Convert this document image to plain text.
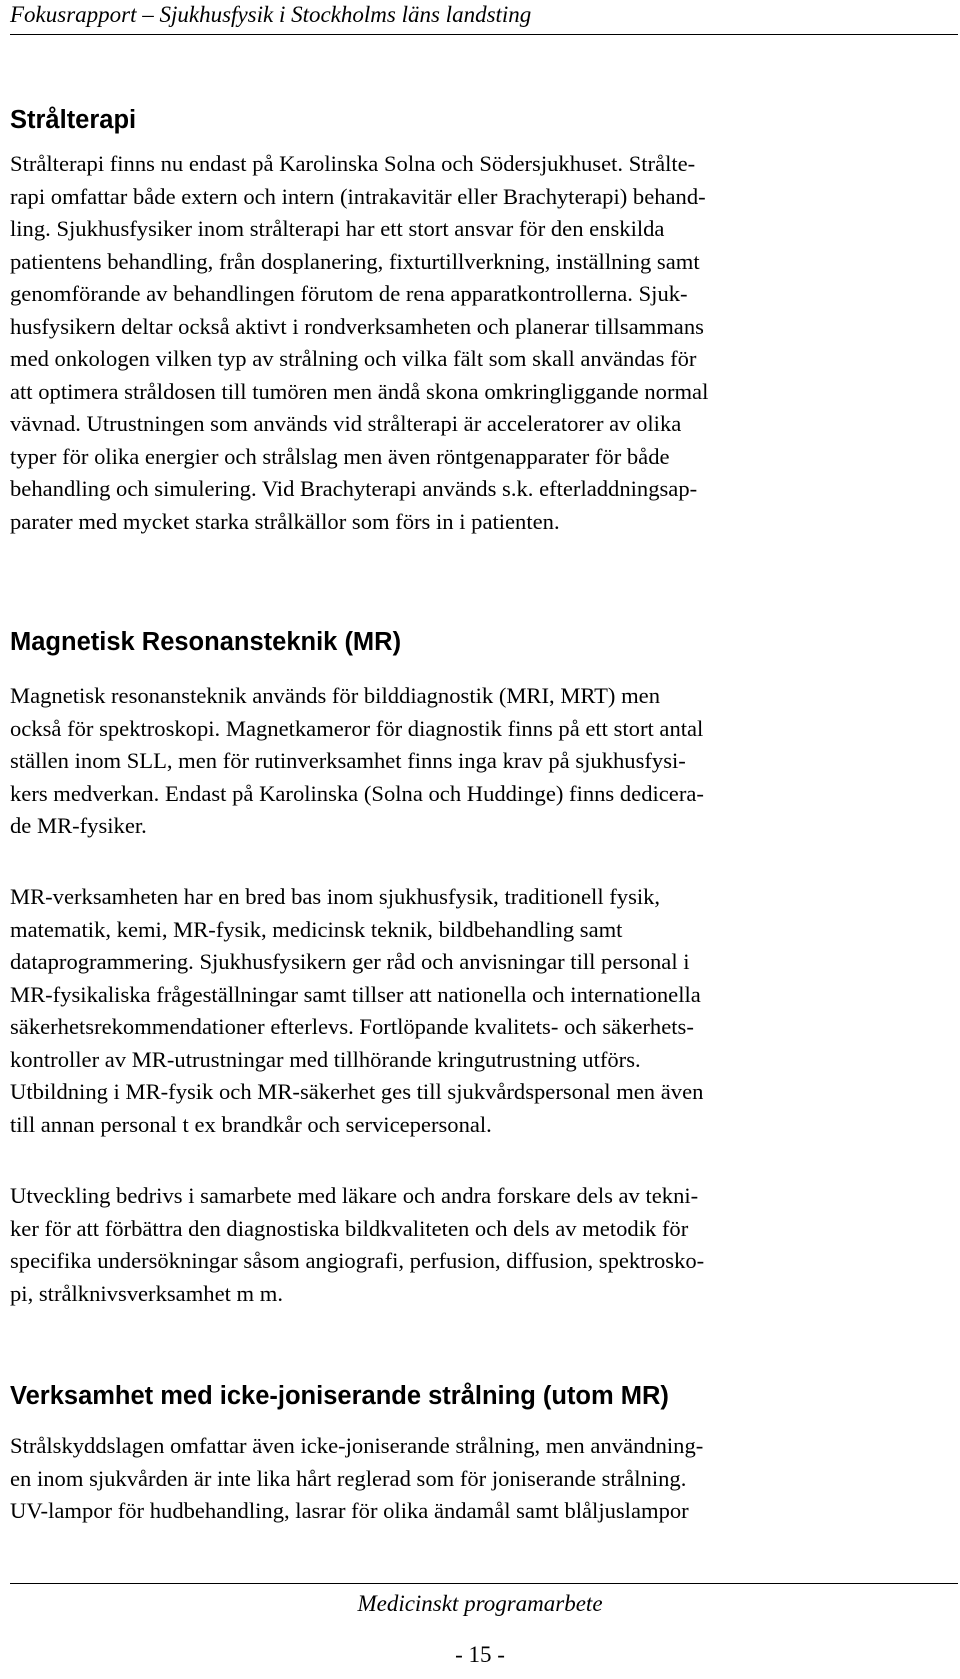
Fokusrapport – Sjukhusfysik i Stockholms läns landsting
Strålterapi
Strålterapi finns nu endast på Karolinska Solna och Södersjukhuset. Strålte-
rapi omfattar både extern och intern (intrakavitär eller Brachyterapi) behand-
ling. Sjukhusfysiker inom strålterapi har ett stort ansvar för den enskilda
patientens behandling, från dosplanering, fixturtillverkning, inställning samt
genomförande av behandlingen förutom de rena apparatkontrollerna. Sjuk-
husfysikern deltar också aktivt i rondverksamheten och planerar tillsammans
med onkologen vilken typ av strålning och vilka fält som skall användas för
att optimera stråldosen till tumören men ändå skona omkringliggande normal
vävnad. Utrustningen som används vid strålterapi är acceleratorer av olika
typer för olika energier och strålslag men även röntgenapparater för både
behandling och simulering. Vid Brachyterapi används s.k. efterladdningsap-
parater med mycket starka strålkällor som förs in i patienten.
Magnetisk Resonansteknik (MR)
Magnetisk resonansteknik används för bilddiagnostik (MRI, MRT) men
också för spektroskopi. Magnetkameror för diagnostik finns på ett stort antal
ställen inom SLL, men för rutinverksamhet finns inga krav på sjukhusfysi-
kers medverkan. Endast på Karolinska (Solna och Huddinge) finns dedicera-
de MR-fysiker.
MR-verksamheten har en bred bas inom sjukhusfysik, traditionell fysik,
matematik, kemi, MR-fysik, medicinsk teknik, bildbehandling samt
dataprogrammering. Sjukhusfysikern ger råd och anvisningar till personal i
MR-fysikaliska frågeställningar samt tillser att nationella och internationella
säkerhetsrekommendationer efterlevs. Fortlöpande kvalitets- och säkerhets-
kontroller av MR-utrustningar med tillhörande kringutrustning utförs.
Utbildning i MR-fysik och MR-säkerhet ges till sjukvårdspersonal men även
till annan personal t ex brandkår och servicepersonal.
Utveckling bedrivs i samarbete med läkare och andra forskare dels av tekni-
ker för att förbättra den diagnostiska bildkvaliteten och dels av metodik för
specifika undersökningar såsom angiografi, perfusion, diffusion, spektrosko-
pi, strålknivsverksamhet m m.
Verksamhet med icke-joniserande strålning (utom MR)
Strålskyddslagen omfattar även icke-joniserande strålning, men användning-
en inom sjukvården är inte lika hårt reglerad som för joniserande strålning.
UV-lampor för hudbehandling, lasrar för olika ändamål samt blåljuslampor
Medicinskt programarbete
- 15 -
